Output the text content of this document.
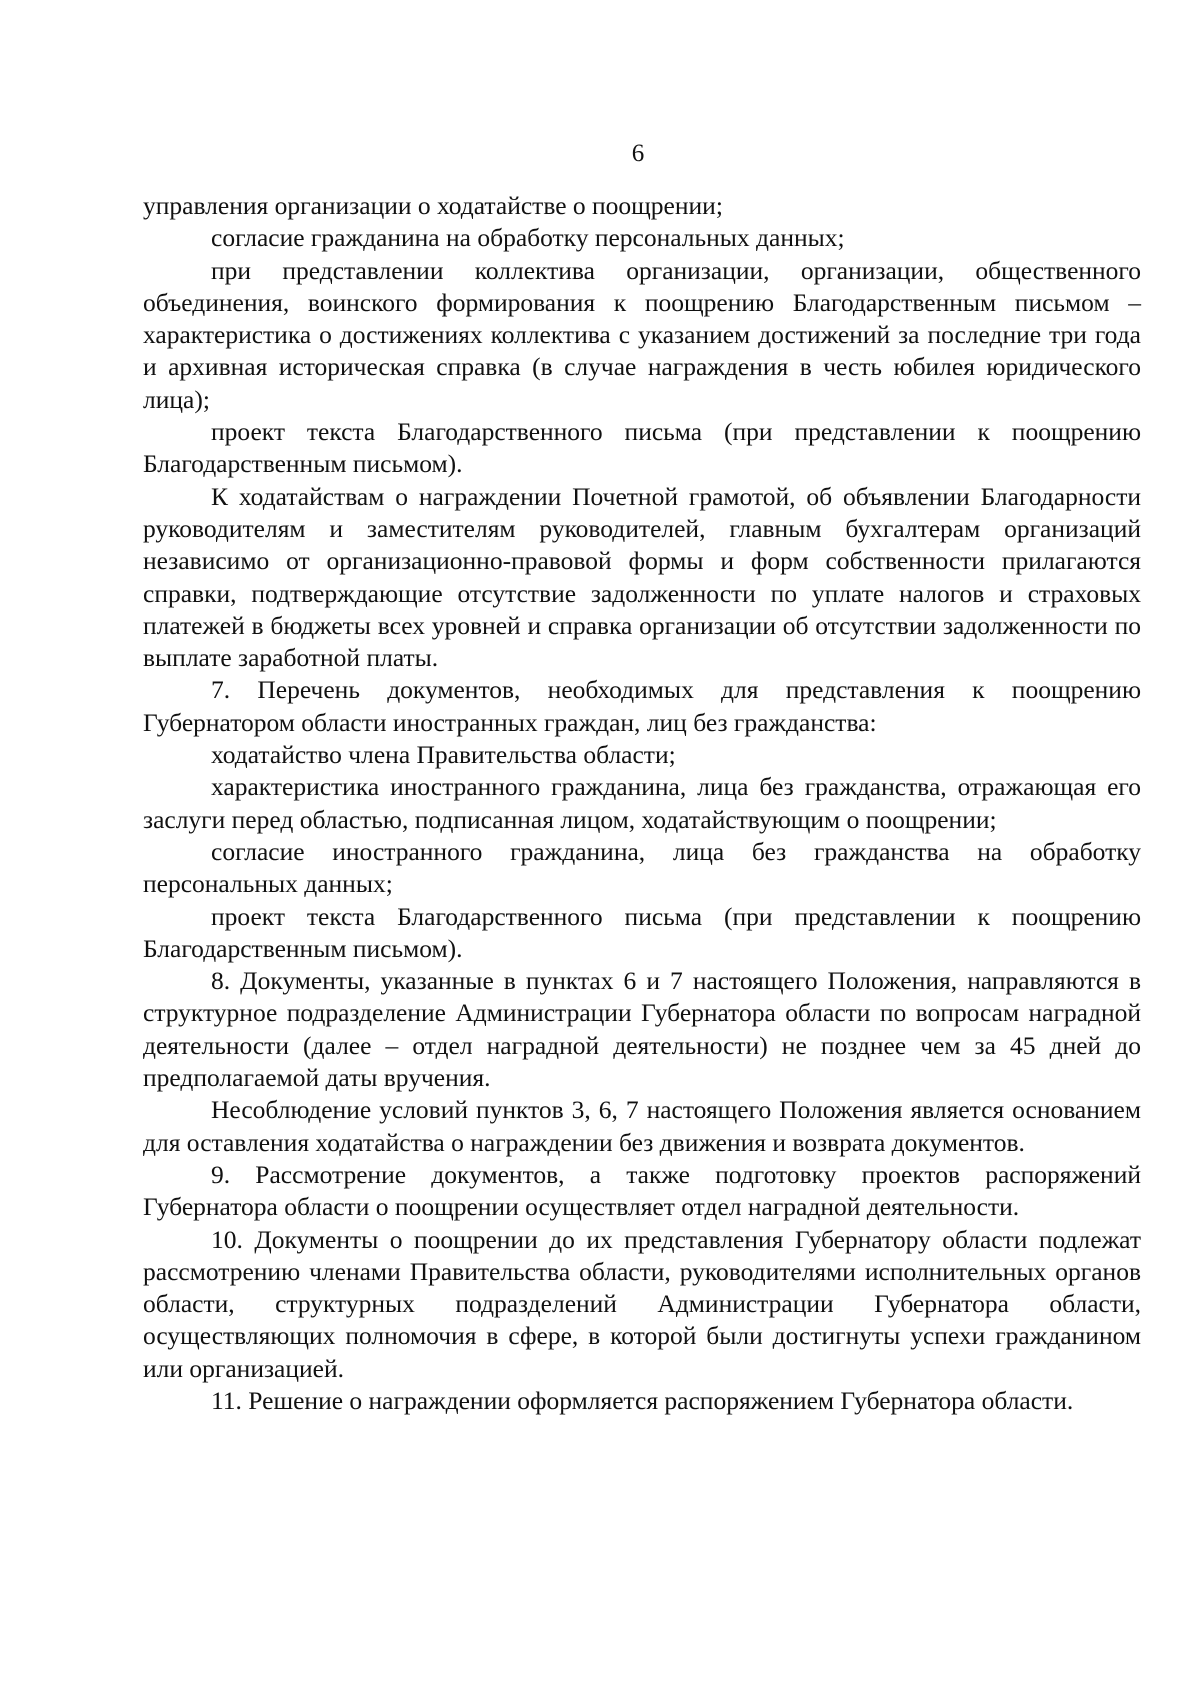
6

управления организации о ходатайстве о поощрении;

согласие гражданина на обработку персональных данных;

при представлении коллектива организации, организации, общественного объединения, воинского формирования к поощрению Благодарственным письмом – характеристика о достижениях коллектива с указанием достижений за последние три года и архивная историческая справка (в случае награждения в честь юбилея юридического лица);

проект текста Благодарственного письма (при представлении к поощрению Благодарственным письмом).

К ходатайствам о награждении Почетной грамотой, об объявлении Благодарности руководителям и заместителям руководителей, главным бухгалтерам организаций независимо от организационно-правовой формы и форм собственности прилагаются справки, подтверждающие отсутствие задолженности по уплате налогов и страховых платежей в бюджеты всех уровней и справка организации об отсутствии задолженности по выплате заработной платы.

7. Перечень документов, необходимых для представления к поощрению Губернатором области иностранных граждан, лиц без гражданства:

ходатайство члена Правительства области;

характеристика иностранного гражданина, лица без гражданства, отражающая его заслуги перед областью, подписанная лицом, ходатайствующим о поощрении;

согласие иностранного гражданина, лица без гражданства на обработку персональных данных;

проект текста Благодарственного письма (при представлении к поощрению Благодарственным письмом).

8. Документы, указанные в пунктах 6 и 7 настоящего Положения, направляются в структурное подразделение Администрации Губернатора области по вопросам наградной деятельности (далее – отдел наградной деятельности) не позднее чем за 45 дней до предполагаемой даты вручения.

Несоблюдение условий пунктов 3, 6, 7 настоящего Положения является основанием для оставления ходатайства о награждении без движения и возврата документов.

9. Рассмотрение документов, а также подготовку проектов распоряжений Губернатора области о поощрении осуществляет отдел наградной деятельности.

10. Документы о поощрении до их представления Губернатору области подлежат рассмотрению членами Правительства области, руководителями исполнительных органов области, структурных подразделений Администрации Губернатора области, осуществляющих полномочия в сфере, в которой были достигнуты успехи гражданином или организацией.

11. Решение о награждении оформляется распоряжением Губернатора области.
